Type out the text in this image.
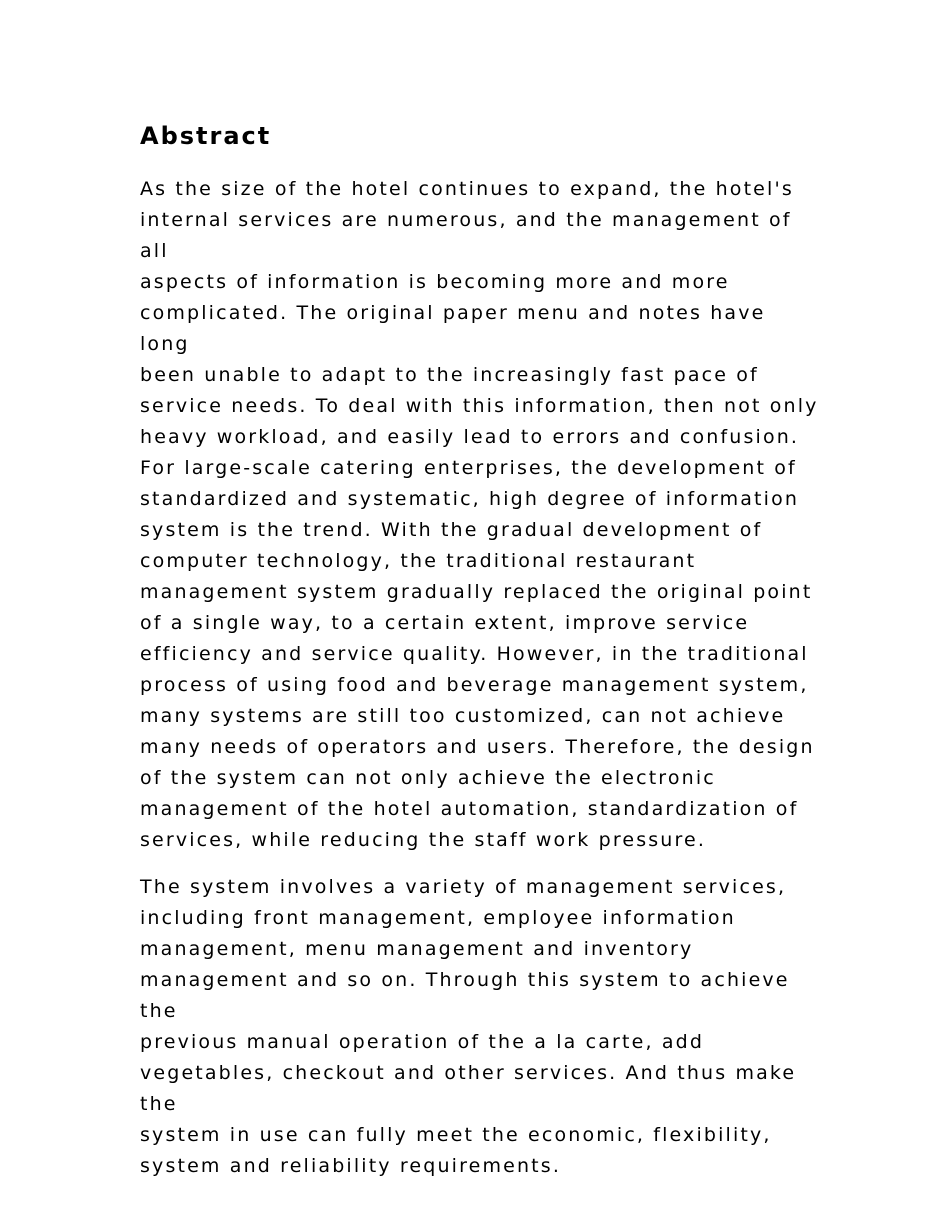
Abstract

As the size of the hotel continues to expand, the hotel's
internal services are numerous, and the management of all
aspects of information is becoming more and more
complicated. The original paper menu and notes have long
been unable to adapt to the increasingly fast pace of
service needs. To deal with this information, then not only
heavy workload, and easily lead to errors and confusion.
For large-scale catering enterprises, the development of
standardized and systematic, high degree of information
system is the trend. With the gradual development of
computer technology, the traditional restaurant
management system gradually replaced the original point
of a single way, to a certain extent, improve service
efficiency and service quality. However, in the traditional
process of using food and beverage management system,
many systems are still too customized, can not achieve
many needs of operators and users. Therefore, the design
of the system can not only achieve the electronic
management of the hotel automation, standardization of
services, while reducing the staff work pressure.

The system involves a variety of management services,
including front management, employee information
management, menu management and inventory
management and so on. Through this system to achieve the
previous manual operation of the a la carte, add
vegetables, checkout and other services. And thus make the
system in use can fully meet the economic, flexibility,
system and reliability requirements.
